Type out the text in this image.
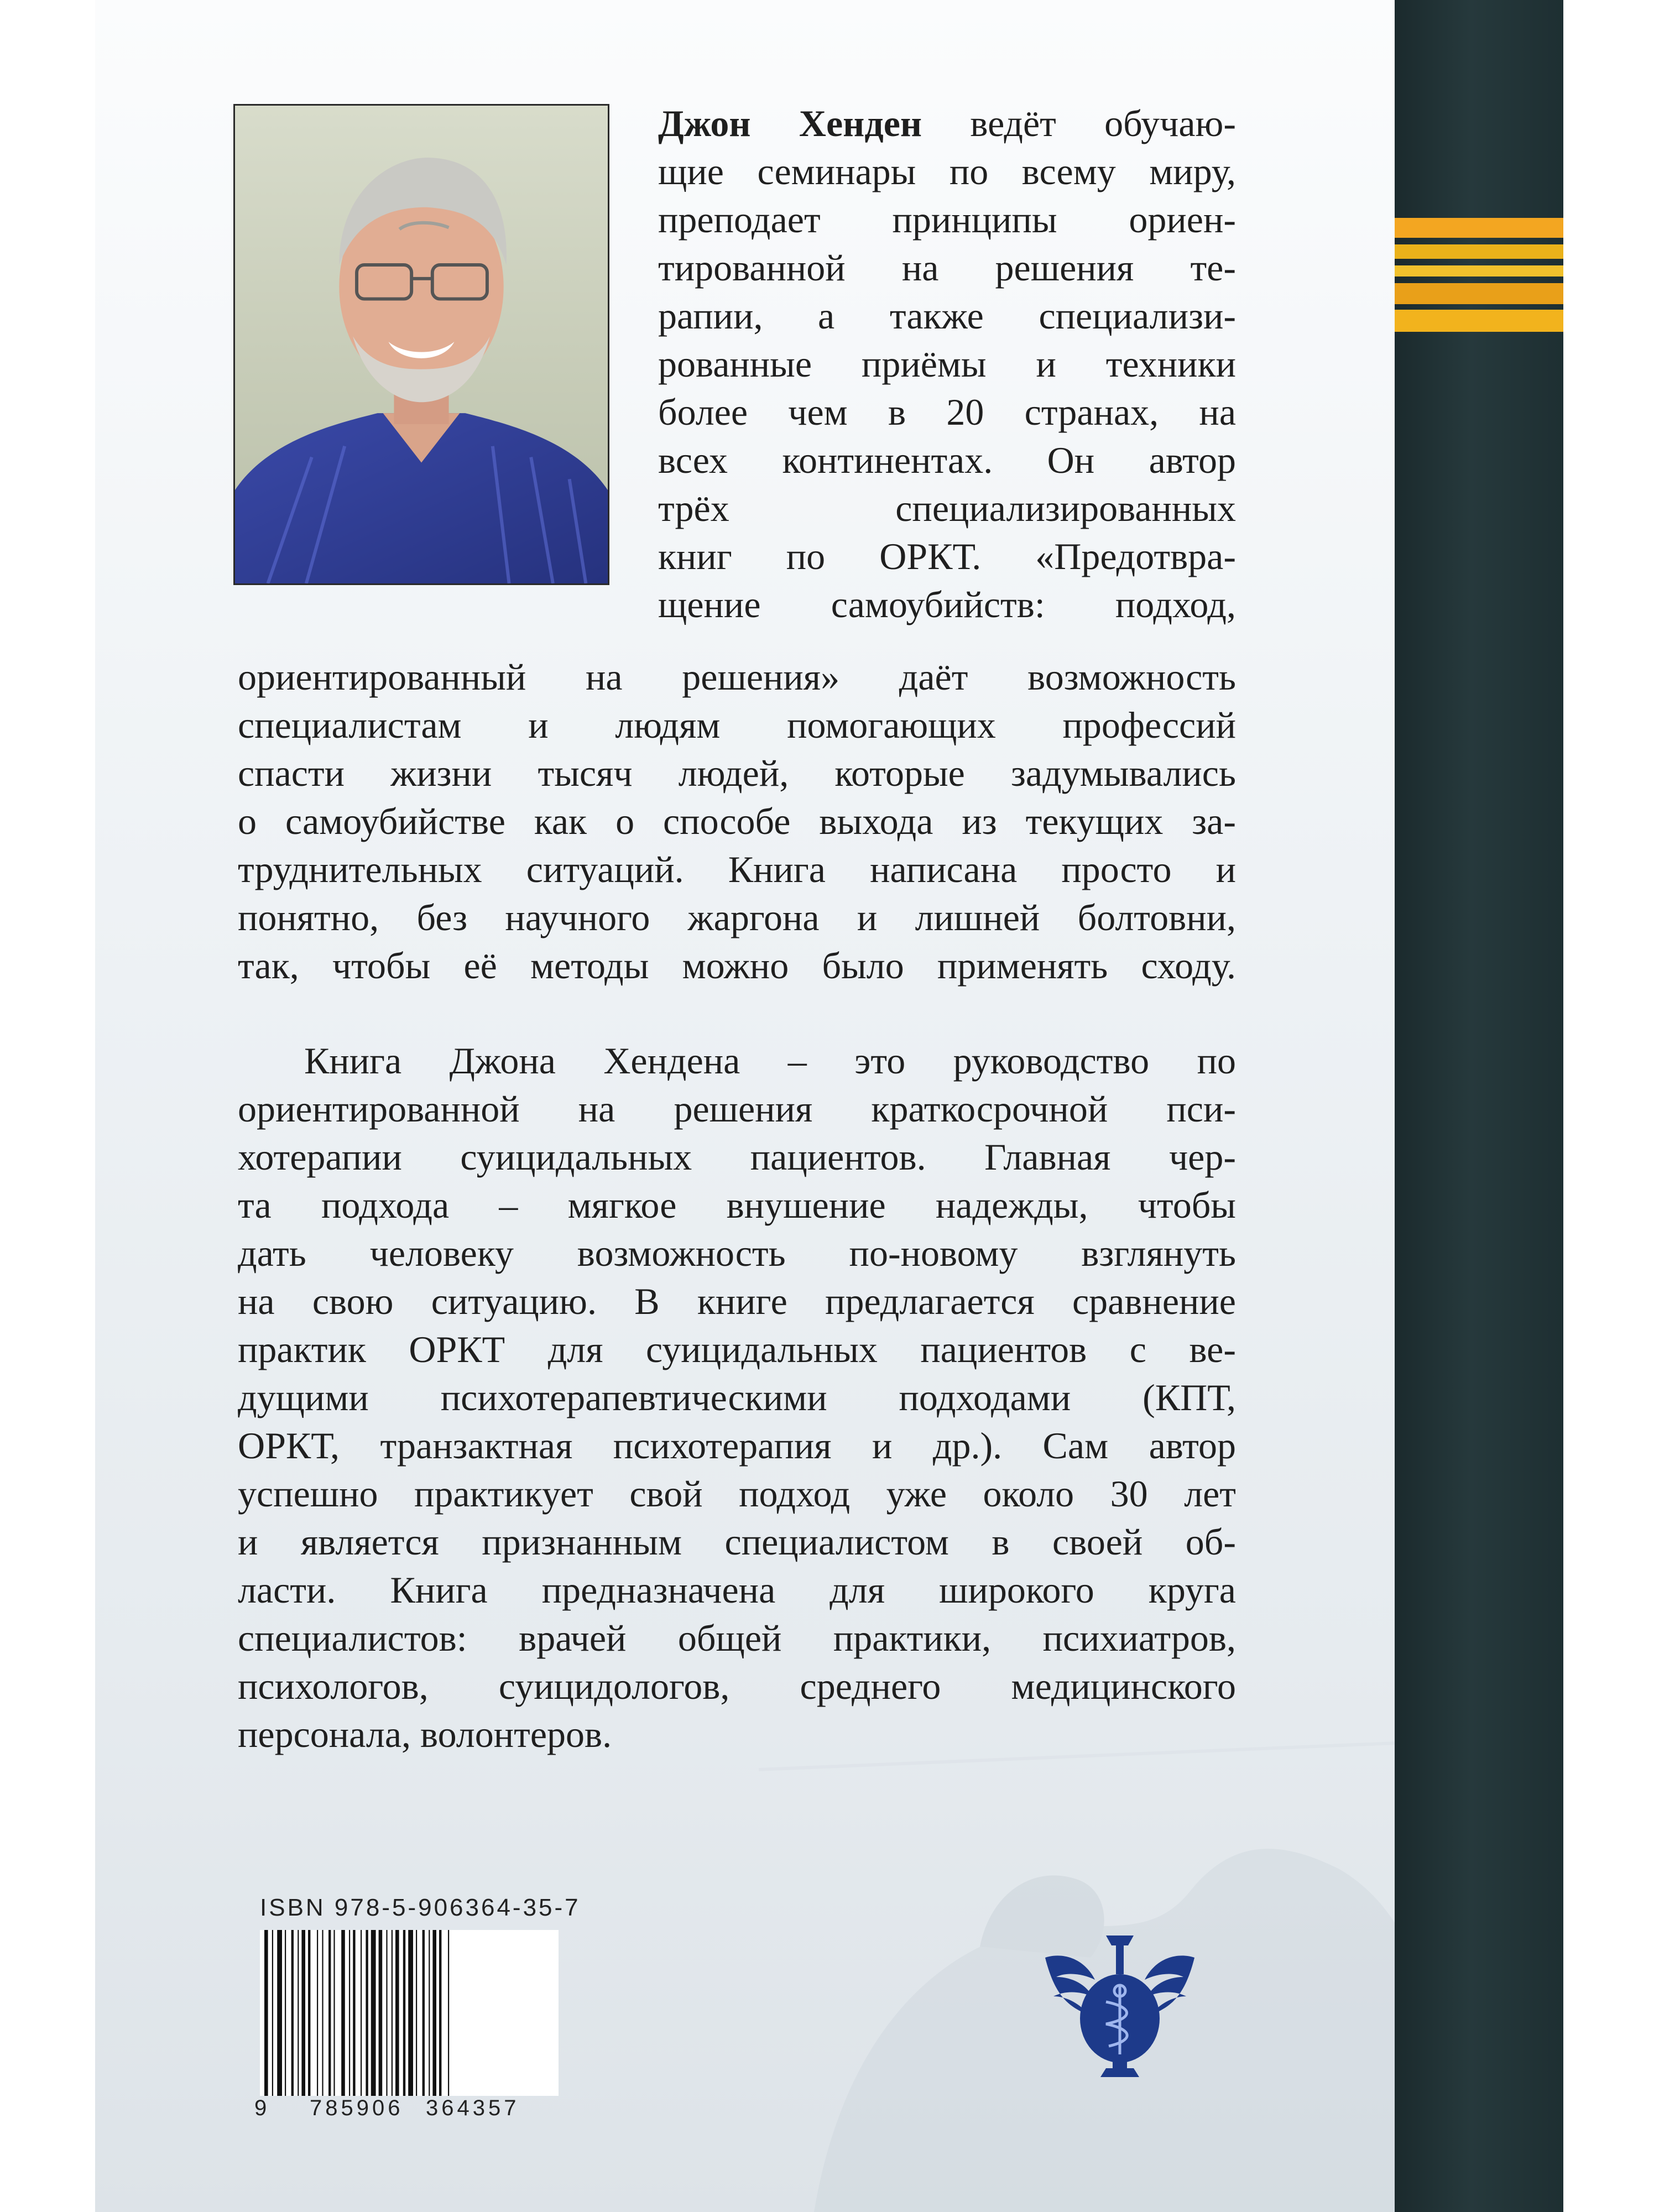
Джон Хенден ведёт обучаю-
щие семинары по всему миру,
преподает принципы ориен-
тированной на решения те-
рапии, а также специализи-
рованные приёмы и техники
более чем в 20 странах, на
всех континентах. Он автор
трёх специализированных
книг по ОРКТ. «Предотвра-
щение самоубийств: подход,
ориентированный на решения» даёт возможность
специалистам и людям помогающих профессий
спасти жизни тысяч людей, которые задумывались
о самоубийстве как о способе выхода из текущих за-
труднительных ситуаций. Книга написана просто и
понятно, без научного жаргона и лишней болтовни,
так, чтобы её методы можно было применять сходу.
Книга Джона Хендена – это руководство по
ориентированной на решения краткосрочной пси-
хотерапии суицидальных пациентов. Главная чер-
та подхода – мягкое внушение надежды, чтобы
дать человеку возможность по-новому взглянуть
на свою ситуацию. В книге предлагается сравнение
практик ОРКТ для суицидальных пациентов с ве-
дущими психотерапевтическими подходами (КПТ,
ОРКТ, транзактная психотерапия и др.). Сам автор
успешно практикует свой подход уже около 30 лет
и является признанным специалистом в своей об-
ласти. Книга предназначена для широкого круга
специалистов: врачей общей практики, психиатров,
психологов, суицидологов, среднего медицинского
персонала, волонтеров.
ISBN 978-5-906364-35-7
9 785906 364357
